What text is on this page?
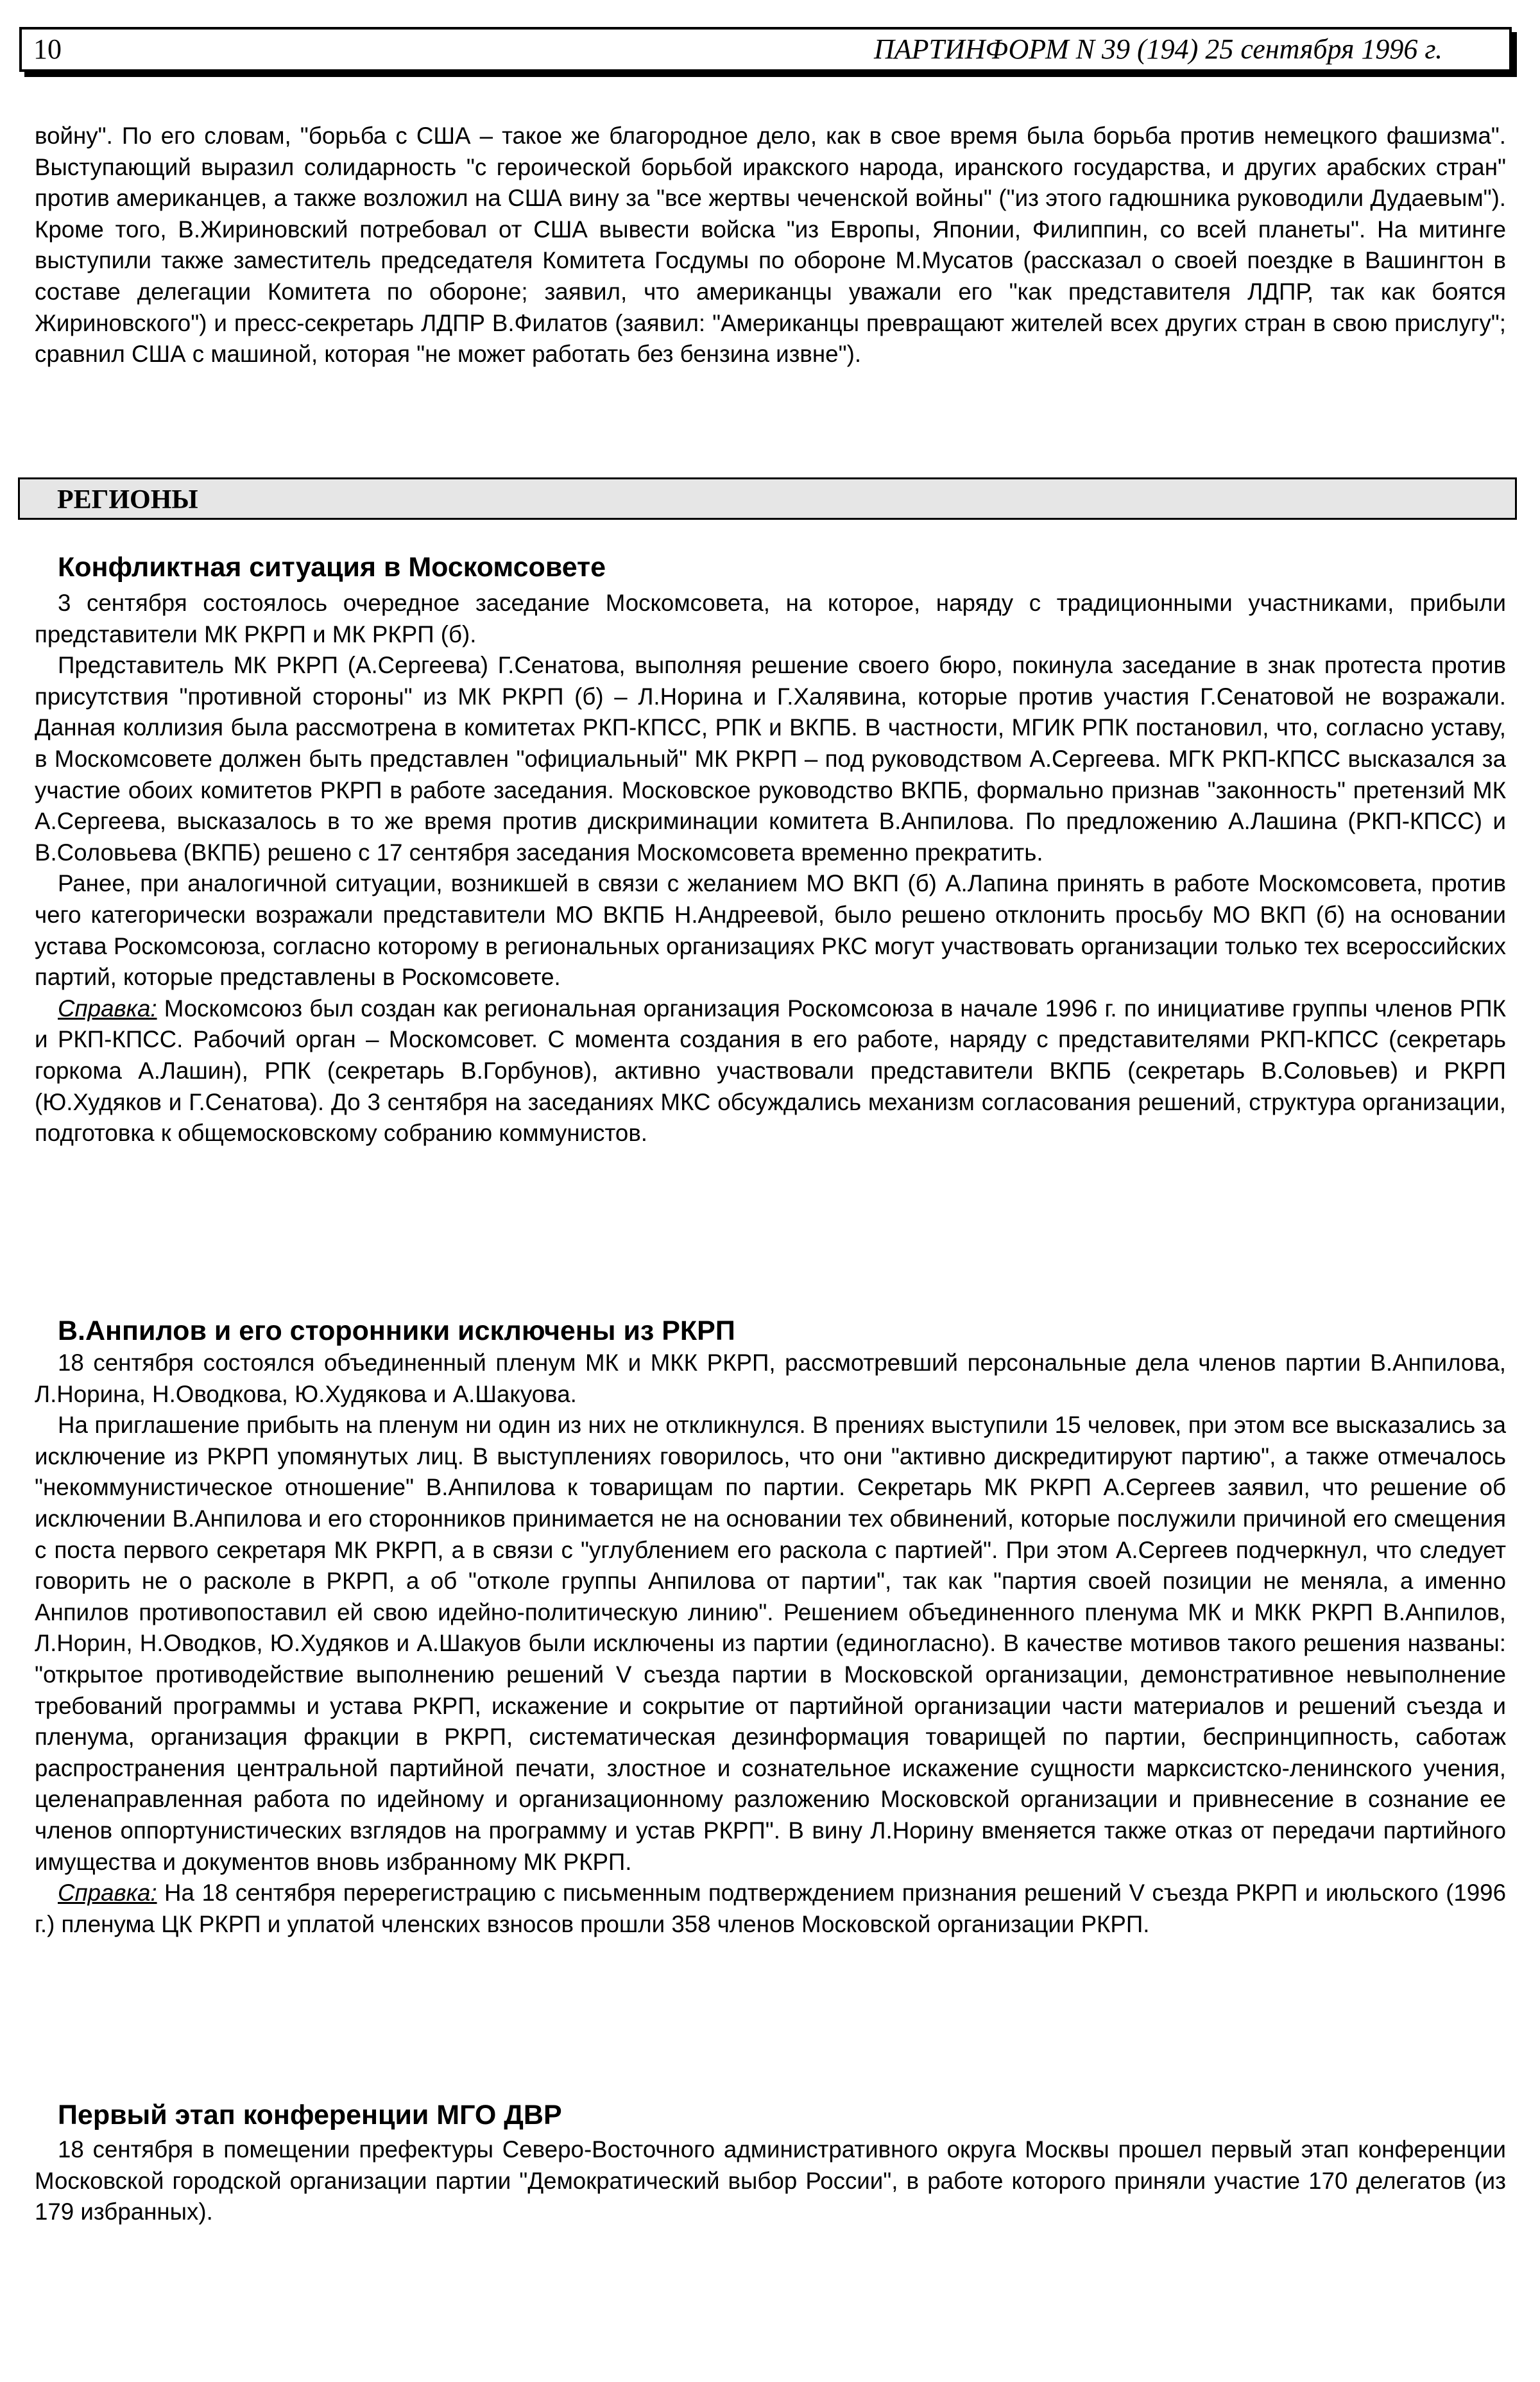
10	ПАРТИНФОРМ N 39 (194) 25 сентября 1996 г.

войну". По его словам, "борьба с США – такое же благородное дело, как в свое время была борьба против немецкого фашизма". Выступающий выразил солидарность "с героической борьбой иракского народа, иранского государства, и других арабских стран" против американцев, а также возложил на США вину за "все жертвы чеченской войны" ("из этого гадюшника руководили Дудаевым"). Кроме того, В.Жириновский потребовал от США вывести войска "из Европы, Японии, Филиппин, со всей планеты". На митинге выступили также заместитель председателя Комитета Госдумы по обороне М.Мусатов (рассказал о своей поездке в Вашингтон в составе делегации Комитета по обороне; заявил, что американцы уважали его "как представителя ЛДПР, так как боятся Жириновского") и пресс-секретарь ЛДПР В.Филатов (заявил: "Американцы превращают жителей всех других стран в свою прислугу"; сравнил США с машиной, которая "не может работать без бензина извне").

РЕГИОНЫ
Конфликтная ситуация в Москомсовете

3 сентября состоялось очередное заседание Москомсовета, на которое, наряду с традиционными участниками, прибыли представители МК РКРП и МК РКРП (б).

Представитель МК РКРП (А.Сергеева) Г.Сенатова, выполняя решение своего бюро, покинула заседание в знак протеста против присутствия "противной стороны" из МК РКРП (б) – Л.Норина и Г.Халявина, которые против участия Г.Сенатовой не возражали. Данная коллизия была рассмотрена в комитетах РКП-КПСС, РПК и ВКПБ. В частности, МГИК РПК постановил, что, согласно уставу, в Москомсовете должен быть представлен "официальный" МК РКРП – под руководством А.Сергеева. МГК РКП-КПСС высказался за участие обоих комитетов РКРП в работе заседания. Московское руководство ВКПБ, формально признав "законность" претензий МК А.Сергеева, высказалось в то же время против дискриминации комитета В.Анпилова. По предложению А.Лашина (РКП-КПСС) и В.Соловьева (ВКПБ) решено с 17 сентября заседания Москомсовета временно прекратить.

Ранее, при аналогичной ситуации, возникшей в связи с желанием МО ВКП (б) А.Лапина принять в работе Москомсовета, против чего категорически возражали представители МО ВКПБ Н.Андреевой, было решено отклонить просьбу МО ВКП (б) на основании устава Роскомсоюза, согласно которому в региональных организациях РКС могут участвовать организации только тех всероссийских партий, которые представлены в Роскомсовете.

Справка: Москомсоюз был создан как региональная организация Роскомсоюза в начале 1996 г. по инициативе группы членов РПК и РКП-КПСС. Рабочий орган – Москомсовет. С момента создания в его работе, наряду с представителями РКП-КПСС (секретарь горкома А.Лашин), РПК (секретарь В.Горбунов), активно участвовали представители ВКПБ (секретарь В.Соловьев) и РКРП (Ю.Худяков и Г.Сенатова). До 3 сентября на заседаниях МКС обсуждались механизм согласования решений, структура организации, подготовка к общемосковскому собранию коммунистов.

В.Анпилов и его сторонники исключены из РКРП

18 сентября состоялся объединенный пленум МК и МКК РКРП, рассмотревший персональные дела членов партии В.Анпилова, Л.Норина, Н.Оводкова, Ю.Худякова и А.Шакуова.

На приглашение прибыть на пленум ни один из них не откликнулся. В прениях выступили 15 человек, при этом все высказались за исключение из РКРП упомянутых лиц. В выступлениях говорилось, что они "активно дискредитируют партию", а также отмечалось "некоммунистическое отношение" В.Анпилова к товарищам по партии. Секретарь МК РКРП А.Сергеев заявил, что решение об исключении В.Анпилова и его сторонников принимается не на основании тех обвинений, которые послужили причиной его смещения с поста первого секретаря МК РКРП, а в связи с "углублением его раскола с партией". При этом А.Сергеев подчеркнул, что следует говорить не о расколе в РКРП, а об "отколе группы Анпилова от партии", так как "партия своей позиции не меняла, а именно Анпилов противопоставил ей свою идейно-политическую линию". Решением объединенного пленума МК и МКК РКРП В.Анпилов, Л.Норин, Н.Оводков, Ю.Худяков и А.Шакуов были исключены из партии (единогласно). В качестве мотивов такого решения названы: "открытое противодействие выполнению решений V съезда партии в Московской организации, демонстративное невыполнение требований программы и устава РКРП, искажение и сокрытие от партийной организации части материалов и решений съезда и пленума, организация фракции в РКРП, систематическая дезинформация товарищей по партии, беспринципность, саботаж распространения центральной партийной печати, злостное и сознательное искажение сущности марксистско-ленинского учения, целенаправленная работа по идейному и организационному разложению Московской организации и привнесение в сознание ее членов оппортунистических взглядов на программу и устав РКРП". В вину Л.Норину вменяется также отказ от передачи партийного имущества и документов вновь избранному МК РКРП.

Справка: На 18 сентября перерегистрацию с письменным подтверждением признания решений V съезда РКРП и июльского (1996 г.) пленума ЦК РКРП и уплатой членских взносов прошли 358 членов Московской организации РКРП.

Первый этап конференции МГО ДВР

18 сентября в помещении префектуры Северо-Восточного административного округа Москвы прошел первый этап конференции Московской городской организации партии "Демократический выбор России", в работе которого приняли участие 170 делегатов (из 179 избранных).
